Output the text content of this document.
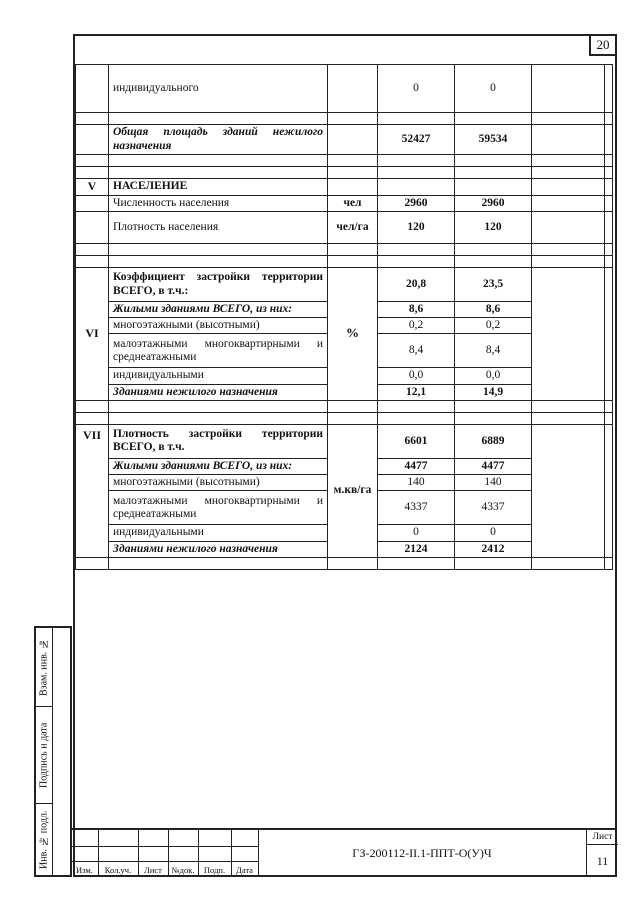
20
	индивидуального		0	0		

	Общая площадь зданий нежилого назначения		52427	59534		

V	НАСЕЛЕНИЕ					
	Численность населения	чел	2960	2960		
	Плотность населения	чел/га	120	120		

VI	Коэффициент застройки территории ВСЕГО, в т.ч.:	%	20,8	23,5		
	Жилыми зданиями ВСЕГО, из них:		8,6	8,6		
	многоэтажными (высотными)		0,2	0,2		
	малоэтажными многоквартирными и среднеатажными		8,4	8,4		
	индивидуальными		0,0	0,0		
	Зданиями нежилого назначения		12,1	14,9		

VII	Плотность застройки территории ВСЕГО, в т.ч.	м.кв/га	6601	6889		
	Жилыми зданиями ВСЕГО, из них:		4477	4477		
	многоэтажными (высотными)		140	140		
	малоэтажными многоквартирными и среднеатажными		4337	4337		
	индивидуальными		0	0		
	Зданиями нежилого назначения		2124	2412		

Взам. инв. №
Подпись и дата
Инв. № подл.
Изм.	Кол.уч.	Лист	№док.	Подп.	Дата
ГЗ-200112-II.1-ППТ-О(У)Ч
Лист
11
